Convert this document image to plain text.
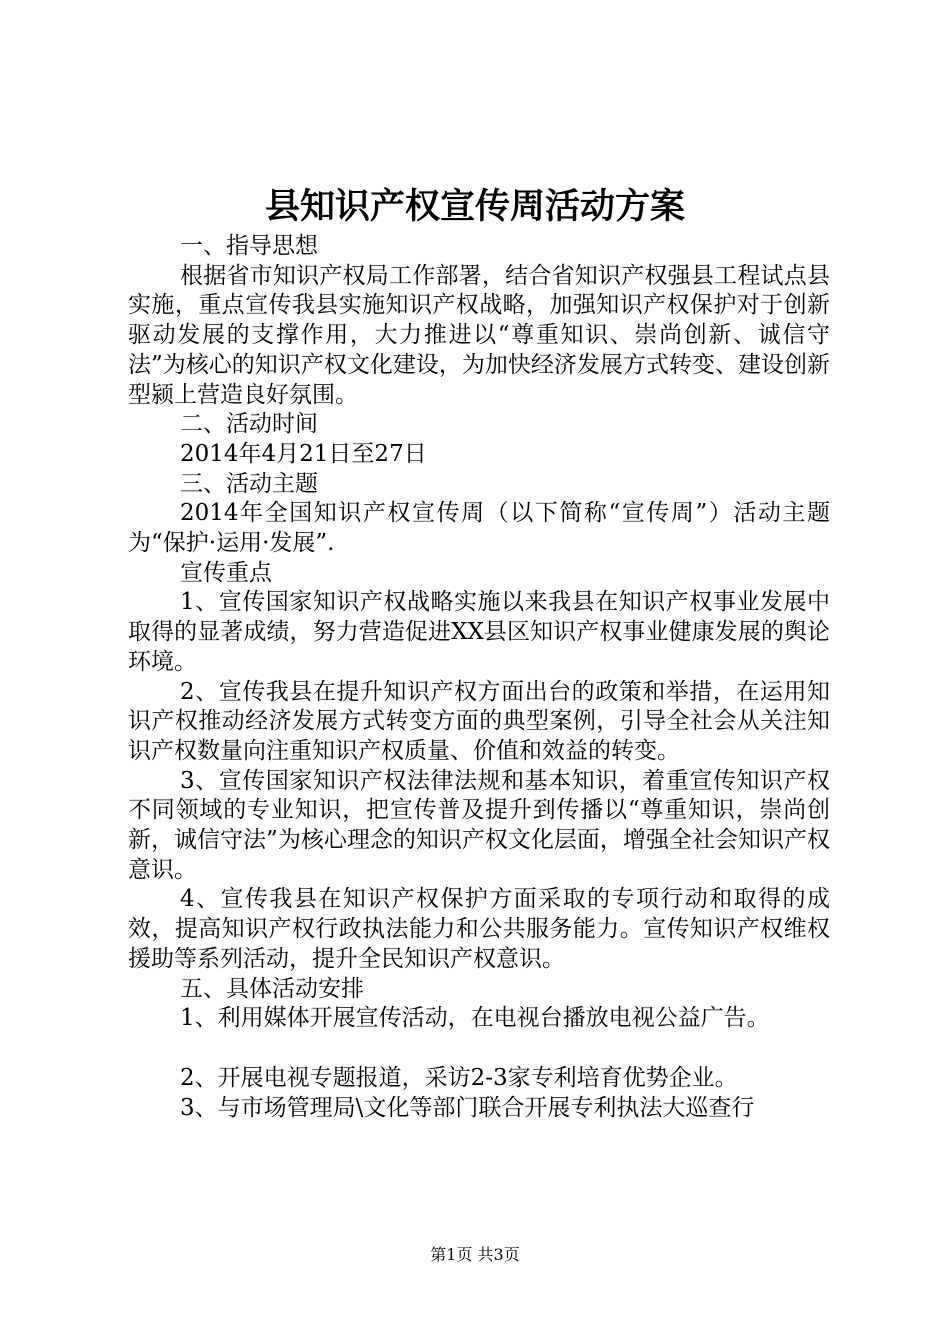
县知识产权宣传周活动方案

一、指导思想

根据省市知识产权局工作部署，结合省知识产权强县工程试点县实施，重点宣传我县实施知识产权战略，加强知识产权保护对于创新驱动发展的支撑作用，大力推进以“尊重知识、崇尚创新、诚信守法”为核心的知识产权文化建设，为加快经济发展方式转变、建设创新型颍上营造良好氛围。

二、活动时间

2014年4月21日至27日

三、活动主题

2014年全国知识产权宣传周（以下简称“宣传周”）活动主题为“保护·运用·发展”.

宣传重点

1、宣传国家知识产权战略实施以来我县在知识产权事业发展中取得的显著成绩，努力营造促进XX县区知识产权事业健康发展的舆论环境。

2、宣传我县在提升知识产权方面出台的政策和举措，在运用知识产权推动经济发展方式转变方面的典型案例，引导全社会从关注知识产权数量向注重知识产权质量、价值和效益的转变。

3、宣传国家知识产权法律法规和基本知识，着重宣传知识产权不同领域的专业知识，把宣传普及提升到传播以“尊重知识，崇尚创新，诚信守法”为核心理念的知识产权文化层面，增强全社会知识产权意识。

4、宣传我县在知识产权保护方面采取的专项行动和取得的成效，提高知识产权行政执法能力和公共服务能力。宣传知识产权维权援助等系列活动，提升全民知识产权意识。

五、具体活动安排

1、利用媒体开展宣传活动，在电视台播放电视公益广告。

2、开展电视专题报道，采访2-3家专利培育优势企业。

3、与市场管理局\文化等部门联合开展专利执法大巡查行

第1页 共3页
